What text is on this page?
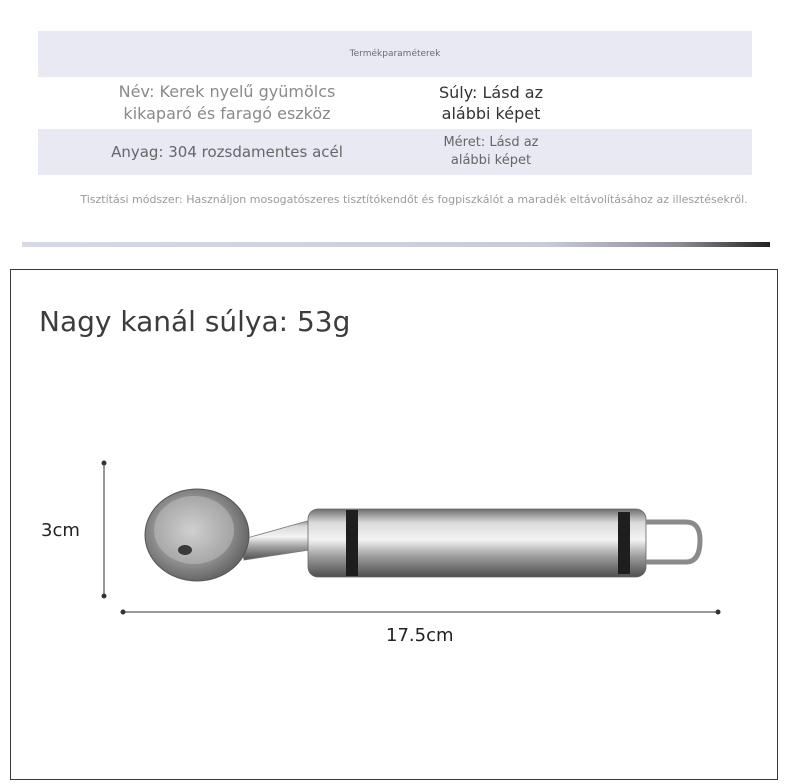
Termékparaméterek
Név: Kerek nyelű gyümölcs
kikaparó és faragó eszköz
Súly: Lásd az
alábbi képet
Anyag: 304 rozsdamentes acél
Méret: Lásd az
alábbi képet
Tisztítási módszer: Használjon mosogatószeres tisztítókendőt és fogpiszkálót a maradék eltávolításához az illesztésekről.
Nagy kanál súlya: 53g
3cm
17.5cm
